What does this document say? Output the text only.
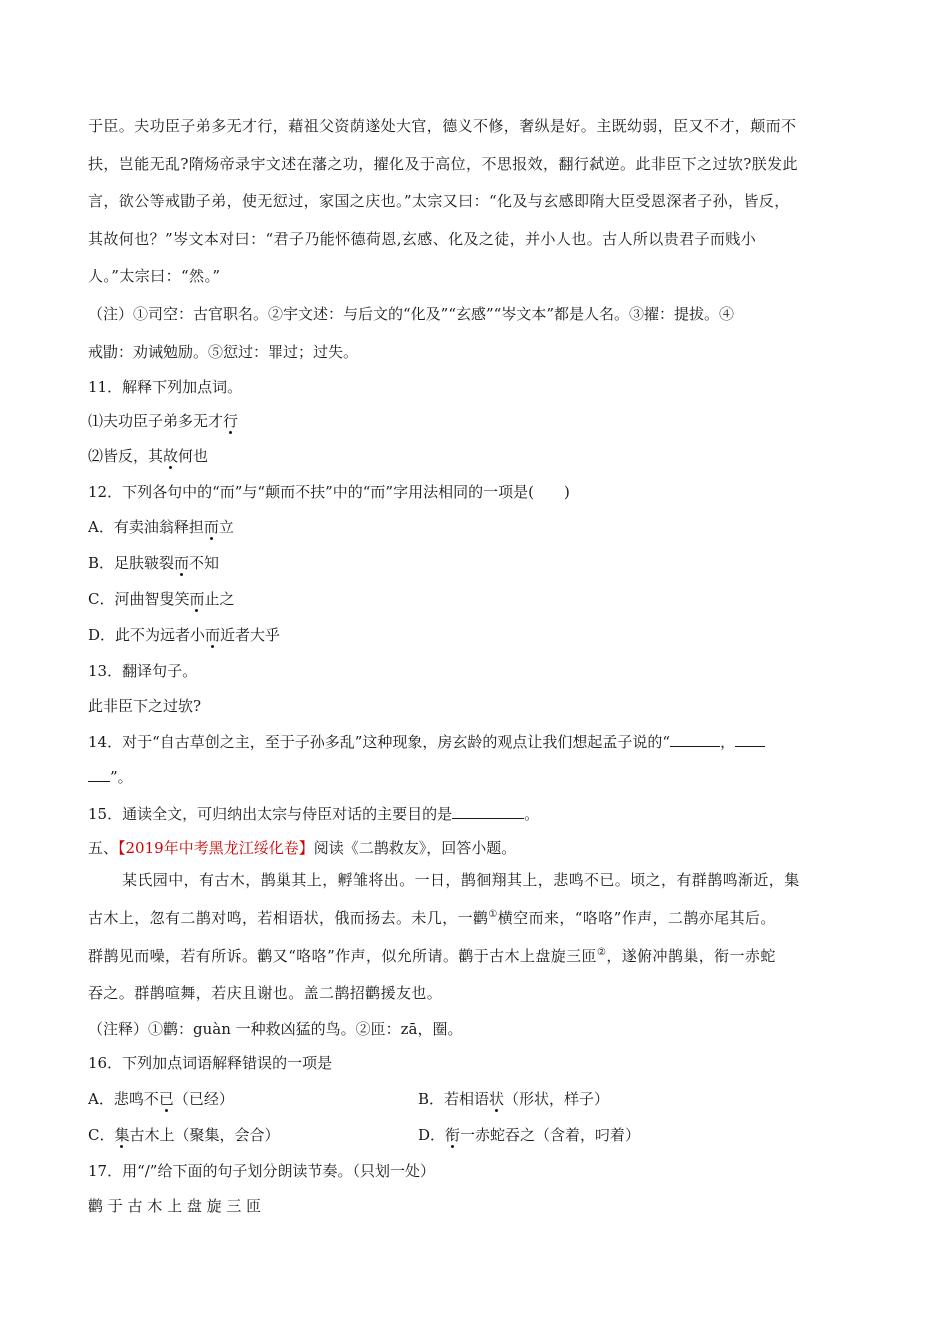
于臣。夫功臣子弟多无才行，藉祖父资荫遂处大官，德义不修，奢纵是好。主既幼弱，臣又不才，颠而不
扶，岂能无乱?隋炀帝录宇文述在藩之功，擢化及于高位，不思报效，翻行弑逆。此非臣下之过欤?朕发此
言，欲公等戒勖子弟，使无愆过，家国之庆也。”太宗又曰：“化及与玄感即隋大臣受恩深者子孙，皆反，
其故何也？”岑文本对曰：“君子乃能怀德荷恩,玄感、化及之徒，并小人也。古人所以贵君子而贱小
人。”太宗曰：“然。”
（注）①司空：古官职名。②宇文述：与后文的“化及”“玄感”“岑文本”都是人名。③擢：提拔。④
戒勖：劝诫勉励。⑤愆过：罪过；过失。
11．解释下列加点词。
⑴夫功臣子弟多无才行
⑵皆反，其故何也
12．下列各句中的“而”与“颠而不扶”中的“而”字用法相同的一项是(　　)
A．有卖油翁释担而立
B．足肤皲裂而不知
C．河曲智叟笑而止之
D．此不为远者小而近者大乎
13．翻译句子。
此非臣下之过欤?
14．对于“自古草创之主，至于子孙多乱”这种现象，房玄龄的观点让我们想起孟子说的“	，
”。
15．通读全文，可归纳出太宗与侍臣对话的主要目的是	。
五、【2019年中考黑龙江绥化卷】阅读《二鹊救友》，回答小题。
某氏园中，有古木，鹊巢其上，孵雏将出。一日，鹊徊翔其上，悲鸣不已。顷之，有群鹊鸣渐近，集
古木上，忽有二鹊对鸣，若相语状，俄而扬去。未几，一鹳①横空而来，“咯咯”作声，二鹊亦尾其后。
群鹊见而噪，若有所诉。鹳又“咯咯”作声，似允所请。鹳于古木上盘旋三匝②，遂俯冲鹊巢，衔一赤蛇
吞之。群鹊喧舞，若庆且谢也。盖二鹊招鹳援友也。
（注释）①鹳：guàn 一种救凶猛的鸟。②匝：zā，圈。
16．下列加点词语解释错误的一项是
A．悲鸣不已（已经）	B．若相语状（形状，样子）
C．集古木上（聚集，会合）	D．衔一赤蛇吞之（含着，叼着）
17．用“/”给下面的句子划分朗读节奏。（只划一处）
鹳 于 古 木 上 盘 旋 三 匝
